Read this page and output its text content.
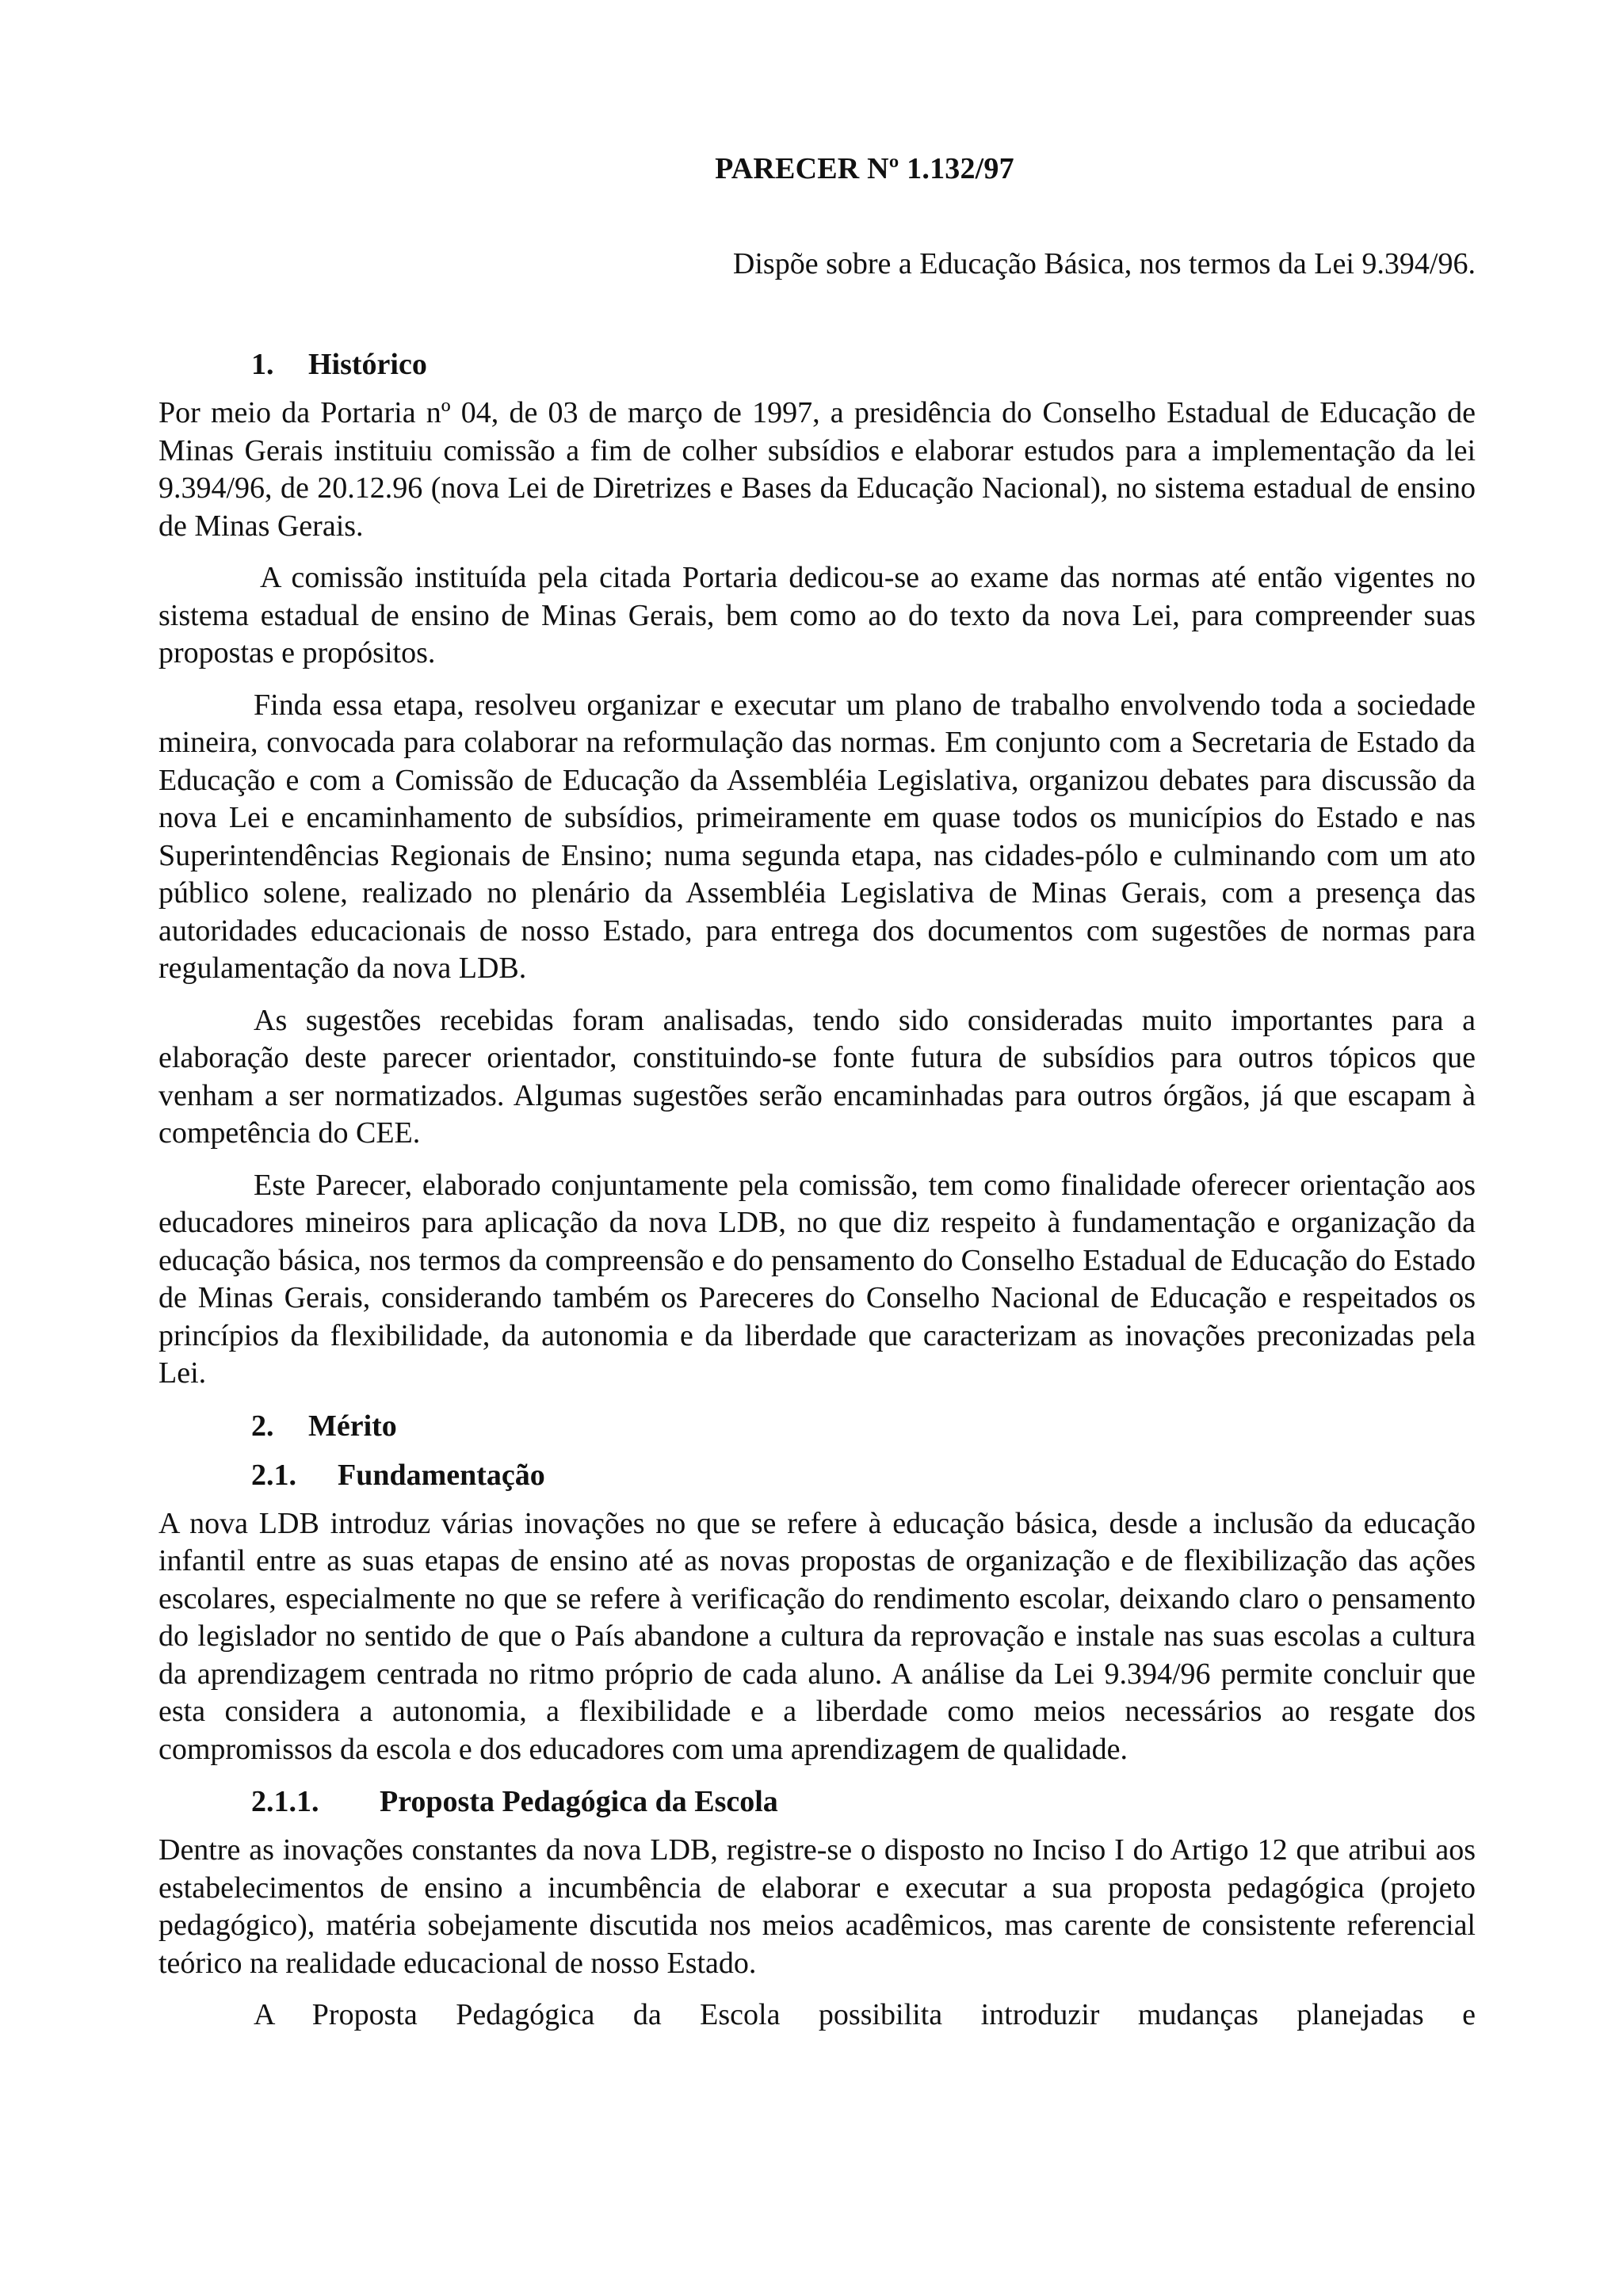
PARECER Nº 1.132/97
Dispõe sobre a Educação Básica, nos termos da Lei 9.394/96.
1.	Histórico

Por meio da Portaria nº 04, de 03 de março de 1997, a presidência do Conselho Estadual de Educação de Minas Gerais instituiu comissão a fim de colher subsídios e elaborar estudos para a implementação da lei 9.394/96, de 20.12.96 (nova Lei de Diretrizes e Bases da Educação Nacional), no sistema estadual de ensino de Minas Gerais.

A comissão instituída pela citada Portaria dedicou-se ao exame das normas até então vigentes no sistema estadual de ensino de Minas Gerais, bem como ao do texto da nova Lei, para compreender suas propostas e propósitos.

Finda essa etapa, resolveu organizar e executar um plano de trabalho envolvendo toda a sociedade mineira, convocada para colaborar na reformulação das normas. Em conjunto com a Secretaria de Estado da Educação e com a Comissão de Educação da Assembléia Legislativa, organizou debates para discussão da nova Lei e encaminhamento de subsídios, primeiramente em quase todos os municípios do Estado e nas Superintendências Regionais de Ensino; numa segunda etapa, nas cidades-pólo e culminando com um ato público solene, realizado no plenário da Assembléia Legislativa de Minas Gerais, com a presença das autoridades educacionais de nosso Estado, para entrega dos documentos com sugestões de normas para regulamentação da nova LDB.

As sugestões recebidas foram analisadas, tendo sido consideradas muito importantes para a elaboração deste parecer orientador, constituindo-se fonte futura de subsídios para outros tópicos que venham a ser normatizados. Algumas sugestões serão encaminhadas para outros órgãos, já que escapam à competência do CEE.

Este Parecer, elaborado conjuntamente pela comissão, tem como finalidade oferecer orientação aos educadores mineiros para aplicação da nova LDB, no que diz respeito à fundamentação e organização da educação básica, nos termos da compreensão e do pensamento do Conselho Estadual de Educação do Estado de Minas Gerais, considerando também os Pareceres do Conselho Nacional de Educação e respeitados os princípios da flexibilidade, da autonomia e da liberdade que caracterizam as inovações preconizadas pela Lei.

2.	Mérito
2.1.	Fundamentação

A nova LDB introduz várias inovações no que se refere à educação básica, desde a inclusão da educação infantil entre as suas etapas de ensino até as novas propostas de organização e de flexibilização das ações escolares, especialmente no que se refere à verificação do rendimento escolar, deixando claro o pensamento do legislador no sentido de que o País abandone a cultura da reprovação e instale nas suas escolas a cultura da aprendizagem centrada no ritmo próprio de cada aluno. A análise da Lei 9.394/96 permite concluir que esta considera a autonomia, a flexibilidade e a liberdade como meios necessários ao resgate dos compromissos da escola e dos educadores com uma aprendizagem de qualidade.

2.1.1.	Proposta Pedagógica da Escola

Dentre as inovações constantes da nova LDB, registre-se o disposto no Inciso I do Artigo 12 que atribui aos estabelecimentos de ensino a incumbência de elaborar e executar a sua proposta pedagógica (projeto pedagógico), matéria sobejamente discutida nos meios acadêmicos, mas carente de consistente referencial teórico na realidade educacional de nosso Estado.

A Proposta Pedagógica da Escola possibilita introduzir mudanças planejadas e
